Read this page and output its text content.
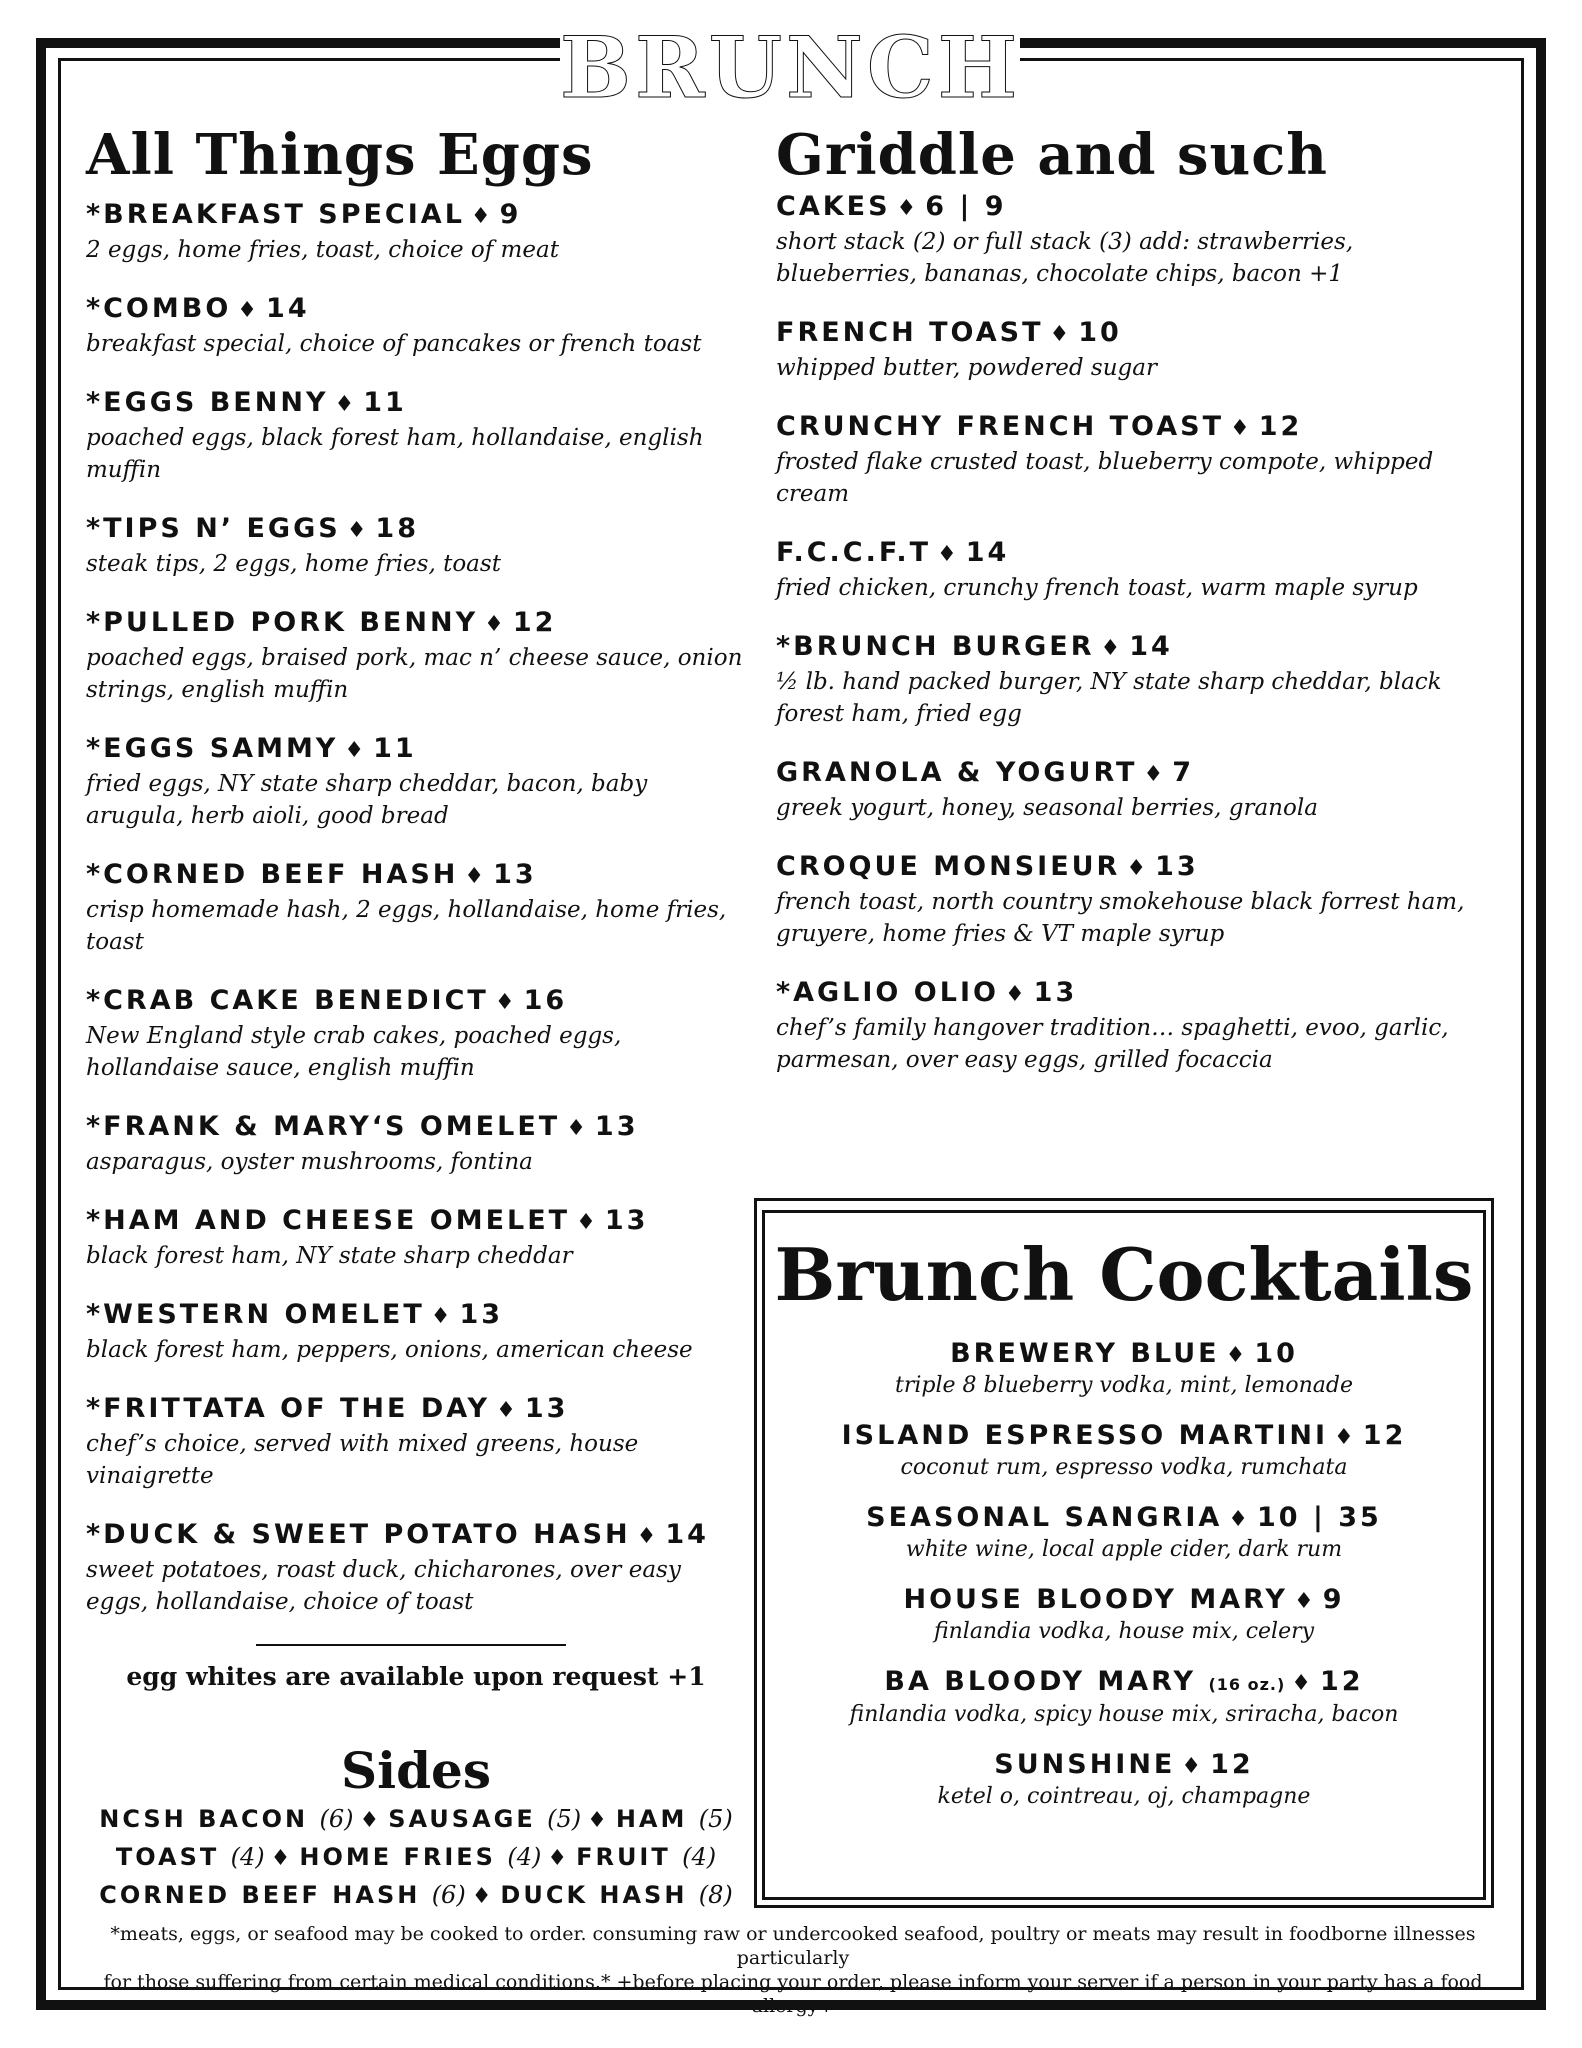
BRUNCH
All Things Eggs
*BREAKFAST SPECIAL ♦ 9
2 eggs, home fries, toast, choice of meat
*COMBO ♦ 14
breakfast special, choice of pancakes or french toast
*EGGS BENNY ♦ 11
poached eggs, black forest ham, hollandaise, english muffin
*TIPS N’ EGGS ♦ 18
steak tips, 2 eggs, home fries, toast
*PULLED PORK BENNY ♦ 12
poached eggs, braised pork, mac n’ cheese sauce, onion strings, english muffin
*EGGS SAMMY ♦ 11
fried eggs, NY state sharp cheddar, bacon, baby arugula, herb aioli, good bread
*CORNED BEEF HASH ♦ 13
crisp homemade hash, 2 eggs, hollandaise, home fries, toast
*CRAB CAKE BENEDICT ♦ 16
New England style crab cakes, poached eggs, hollandaise sauce, english muffin
*FRANK & MARY‘S OMELET ♦ 13
asparagus, oyster mushrooms, fontina
*HAM AND CHEESE OMELET ♦ 13
black forest ham, NY state sharp cheddar
*WESTERN OMELET ♦ 13
black forest ham, peppers, onions, american cheese
*FRITTATA OF THE DAY ♦ 13
chef’s choice, served with mixed greens, house vinaigrette
*DUCK & SWEET POTATO HASH ♦ 14
sweet potatoes, roast duck, chicharones, over easy eggs, hollandaise, choice of toast
egg whites are available upon request +1
Sides
NCSH BACON (6) ♦ SAUSAGE (5) ♦ HAM (5)
TOAST (4) ♦ HOME FRIES (4) ♦ FRUIT (4)
CORNED BEEF HASH (6) ♦ DUCK HASH (8)
Griddle and such
CAKES ♦ 6 | 9
short stack (2) or full stack (3) add: strawberries, blueberries, bananas, chocolate chips, bacon +1
FRENCH TOAST ♦ 10
whipped butter, powdered sugar
CRUNCHY FRENCH TOAST ♦ 12
frosted flake crusted toast, blueberry compote, whipped cream
F.C.C.F.T ♦ 14
fried chicken, crunchy french toast, warm maple syrup
*BRUNCH BURGER ♦ 14
½ lb. hand packed burger, NY state sharp cheddar, black forest ham, fried egg
GRANOLA & YOGURT ♦ 7
greek yogurt, honey, seasonal berries, granola
CROQUE MONSIEUR ♦ 13
french toast, north country smokehouse black forrest ham, gruyere, home fries & VT maple syrup
*AGLIO OLIO ♦ 13
chef’s family hangover tradition… spaghetti, evoo, garlic, parmesan, over easy eggs, grilled focaccia
Brunch Cocktails
BREWERY BLUE ♦ 10
triple 8 blueberry vodka, mint, lemonade
ISLAND ESPRESSO MARTINI ♦ 12
coconut rum, espresso vodka, rumchata
SEASONAL SANGRIA ♦ 10 | 35
white wine, local apple cider, dark rum
HOUSE BLOODY MARY ♦ 9
finlandia vodka, house mix, celery
BA BLOODY MARY (16 oz.) ♦ 12
finlandia vodka, spicy house mix, sriracha, bacon
SUNSHINE ♦ 12
ketel o, cointreau, oj, champagne
*meats, eggs, or seafood may be cooked to order. consuming raw or undercooked seafood, poultry or meats may result in foodborne illnesses particularly
for those suffering from certain medical conditions.* +before placing your order, please inform your server if a person in your party has a food allergy+
